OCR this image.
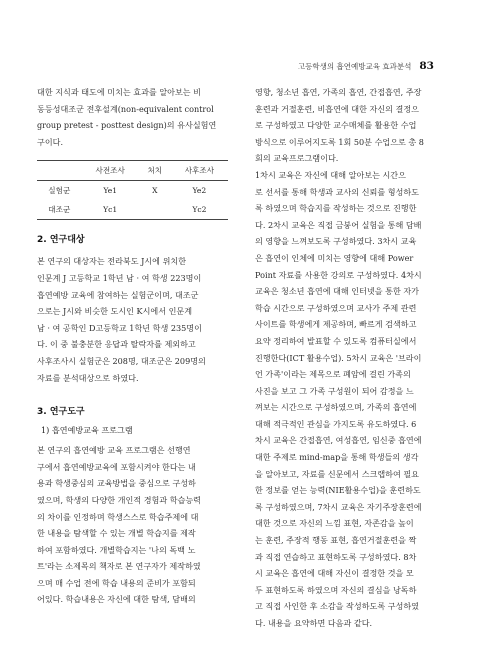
고등학생의 흡연예방교육 효과분석 83

대한 지식과 태도에 미치는 효과를 알아보는 비

동등성대조군 전후설계(non-equivalent control

group pretest - posttest design)의 유사실험연

구이다.

	사전조사	처치	사후조사
실험군	Ye1	X	Ye2
대조군	Yc1		Yc2
2. 연구대상

본 연구의 대상자는 전라북도 J시에 위치한

인문계 J 고등학교 1학년 남 · 여 학생 223명이

흡연예방 교육에 참여하는 실험군이며, 대조군

으로는 J시와 비슷한 도시인 K시에서 인문계

남 · 여 공학인 D고등학교 1학년 학생 235명이

다. 이 중 불충분한 응답과 탈락자를 제외하고

사후조사시 실험군은 208명, 대조군은 209명의

자료를 분석대상으로 하였다.

3. 연구도구
1) 흡연예방교육 프로그램

본 연구의 흡연예방 교육 프로그램은 선행연

구에서 흡연예방교육에 포함시켜야 한다는 내

용과 학생중심의 교육방법을 중심으로 구성하

였으며, 학생의 다양한 개인적 경험과 학습능력

의 차이를 인정하며 학생스스로 학습주제에 대

한 내용을 탐색할 수 있는 개별 학습지를 제작

하여 포함하였다. 개별학습지는 '나의 독백 노

트'라는 소제목의 책자로 본 연구자가 제작하였

으며 매 수업 전에 학습 내용의 준비가 포함되

어있다. 학습내용은 자신에 대한 탐색, 담배의

영향, 청소년 흡연, 가족의 흡연, 간접흡연, 주장

훈련과 거절훈련, 비흡연에 대한 자신의 결정으

로 구성하였고 다양한 교수매체를 활용한 수업

방식으로 이루어지도록 1회 50분 수업으로 총 8

회의 교육프로그램이다.

1차시 교육은 자신에 대해 알아보는 시간으

로 선서를 통해 학생과 교사의 신뢰를 형성하도

록 하였으며 학습지를 작성하는 것으로 진행한

다. 2차시 교육은 직접 금붕어 실험을 통해 담배

의 영향을 느껴보도록 구성하였다. 3차시 교육

은 흡연이 인체에 미치는 영향에 대해 Power

Point 자료를 사용한 강의로 구성하였다. 4차시

교육은 청소년 흡연에 대해 인터넷을 통한 자가

학습 시간으로 구성하였으며 교사가 주제 관련

사이트를 학생에게 제공하며, 빠르게 검색하고

요약 정리하여 발표할 수 있도록 컴퓨터실에서

진행한다(ICT 활용수업). 5차시 교육은 '브라이

언 가족'이라는 제목으로 폐암에 걸린 가족의

사진을 보고 그 가족 구성원이 되어 감정을 느

껴보는 시간으로 구성하였으며, 가족의 흡연에

대해 적극적인 관심을 가지도록 유도하였다. 6

차시 교육은 간접흡연, 여성흡연, 임신중 흡연에

대한 주제로 mind-map을 통해 학생들의 생각

을 알아보고, 자료를 신문에서 스크랩하여 필요

한 정보를 얻는 능력(NIE활용수업)을 훈련하도

록 구성하였으며, 7차시 교육은 자기주장훈련에

대한 것으로 자신의 느낌 표현, 자존감을 높이

는 훈련, 주장적 행동 표현, 흡연거절훈련을 짝

과 직접 연습하고 표현하도록 구성하였다. 8차

시 교육은 흡연에 대해 자신이 결정한 것을 모

두 표현하도록 하였으며 자신의 결심을 낭독하

고 직접 사인한 후 소감을 작성하도록 구성하였

다. 내용을 요약하면 다음과 같다.
